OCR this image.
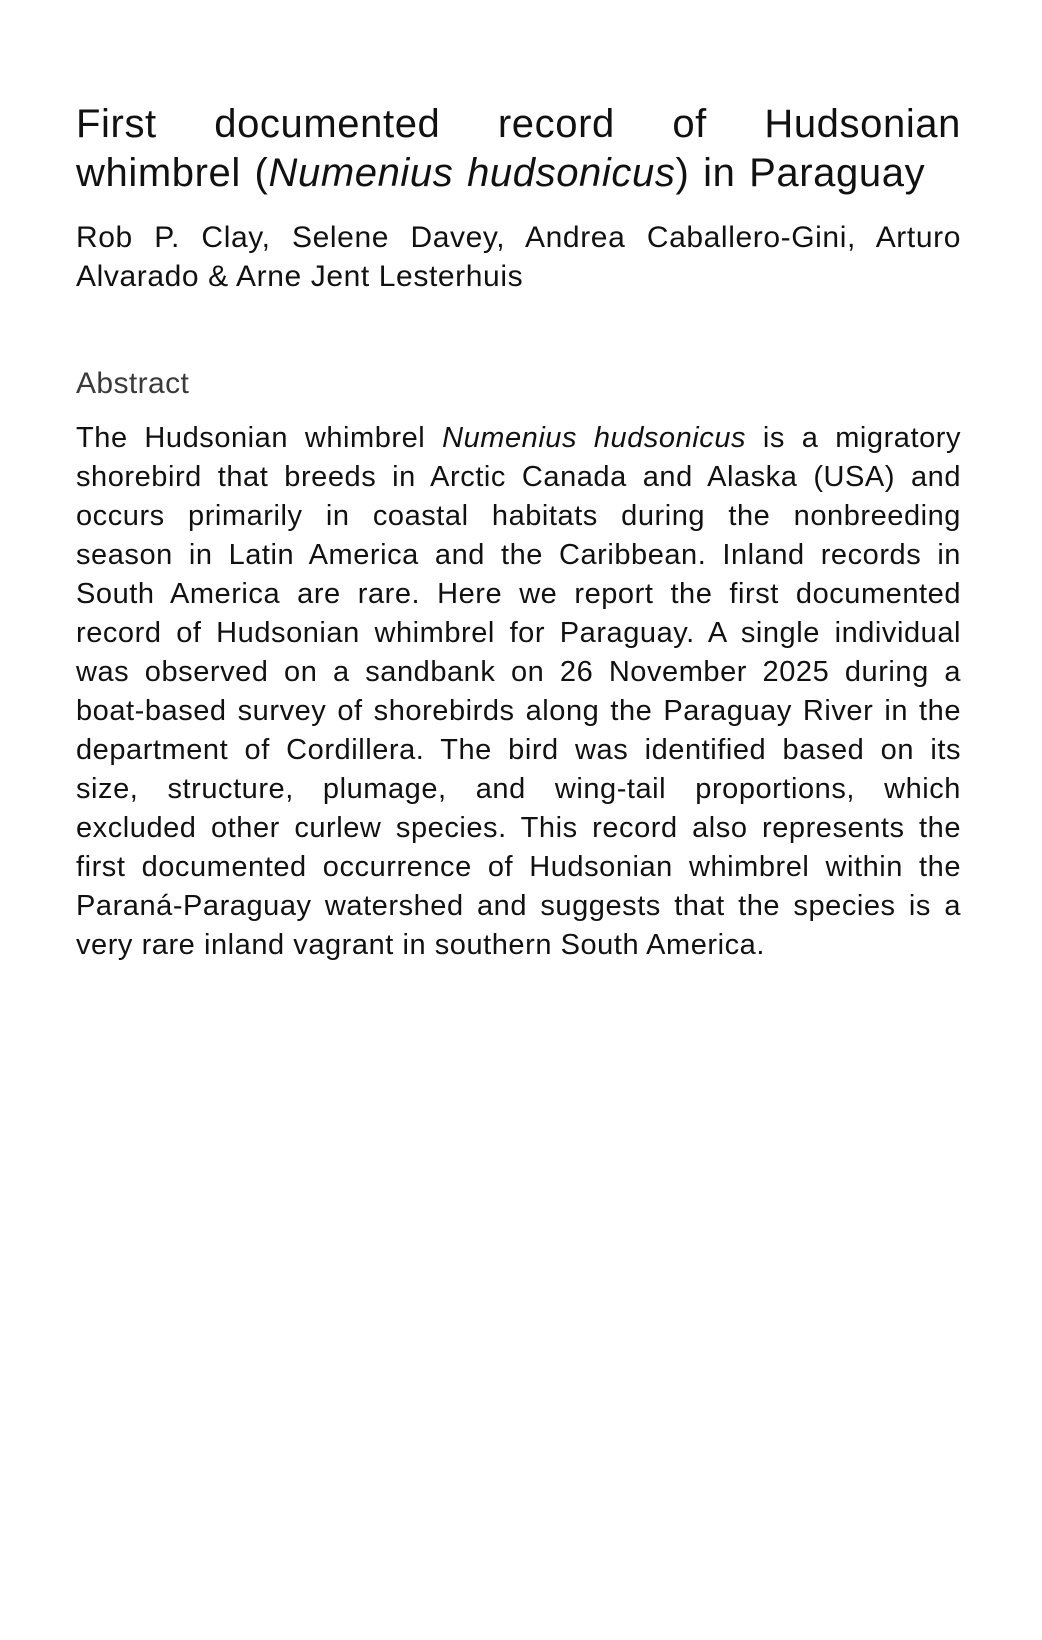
First documented record of Hudsonian whimbrel (Numenius hudsonicus) in Paraguay

Rob P. Clay, Selene Davey, Andrea Caballero-Gini, Arturo Alvarado & Arne Jent Lesterhuis

Abstract

The Hudsonian whimbrel Numenius hudsonicus is a migratory shorebird that breeds in Arctic Canada and Alaska (USA) and occurs primarily in coastal habitats during the nonbreeding season in Latin America and the Caribbean. Inland records in South America are rare. Here we report the first documented record of Hudsonian whimbrel for Paraguay. A single individual was observed on a sandbank on 26 November 2025 during a boat-based survey of shorebirds along the Paraguay River in the department of Cordillera. The bird was identified based on its size, structure, plumage, and wing-tail proportions, which excluded other curlew species. This record also represents the first documented occurrence of Hudsonian whimbrel within the Paraná-Paraguay watershed and suggests that the species is a very rare inland vagrant in southern South America.
